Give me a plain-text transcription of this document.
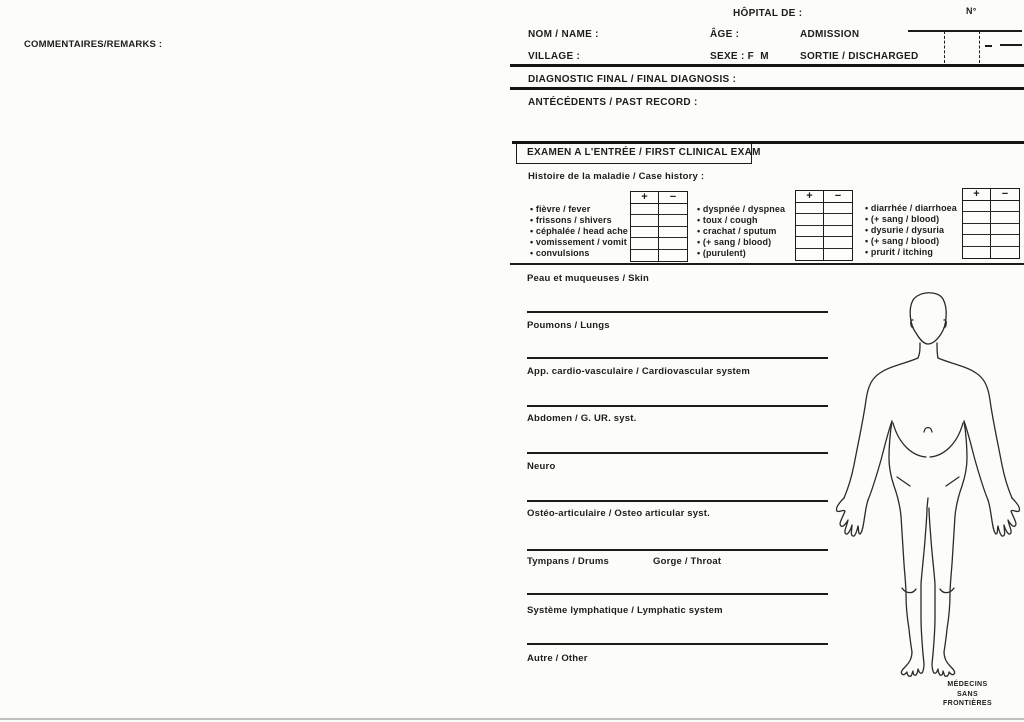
COMMENTAIRES/REMARKS :
HÔPITAL DE :	N°
NOM / NAME :	ÂGE :	ADMISSION
VILLAGE :	SEXE : F  M	SORTIE / DISCHARGED
DIAGNOSTIC FINAL / FINAL DIAGNOSIS :
ANTÉCÉDENTS / PAST RECORD :
EXAMEN A L'ENTRÉE / FIRST CLINICAL EXAM
Histoire de la maladie / Case history :
• fièvre / fever
• frissons / shivers
• céphalée / head ache
• vomissement / vomit
• convulsions
+	−
• dyspnée / dyspnea
• toux / cough
• crachat / sputum
• (+ sang / blood)
• (purulent)
+	−
• diarrhée / diarrhoea
• (+ sang / blood)
• dysurie / dysuria
• (+ sang / blood)
• prurit / itching
+	−
Peau et muqueuses / Skin
Poumons / Lungs
App. cardio-vasculaire / Cardiovascular system
Abdomen / G. UR. syst.
Neuro
Ostéo-articulaire / Osteo articular syst.
Tympans / Drums	Gorge / Throat
Système lymphatique / Lymphatic system
Autre / Other
MÉDECINS
SANS
FRONTIÈRES
